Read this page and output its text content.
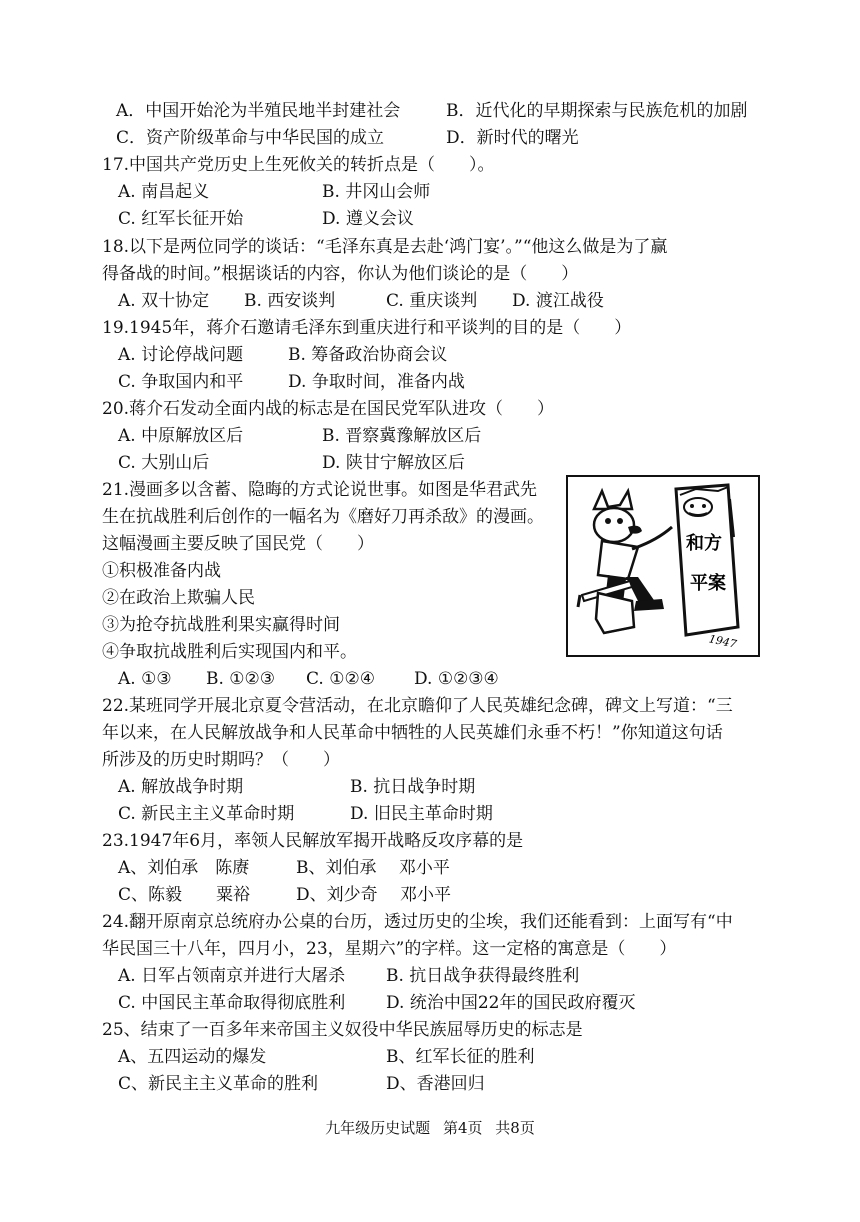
A．中国开始沦为半殖民地半封建社会	B．近代化的早期探索与民族危机的加剧
C．资产阶级革命与中华民国的成立	D．新时代的曙光
17.中国共产党历史上生死攸关的转折点是（　　）。
A. 南昌起义	B. 井冈山会师
C. 红军长征开始	D. 遵义会议
18.以下是两位同学的谈话：“毛泽东真是去赴‘鸿门宴’。”“他这么做是为了赢
得备战的时间。”根据谈话的内容，你认为他们谈论的是（　　）
A. 双十协定 B. 西安谈判	C. 重庆谈判 D. 渡江战役
19.1945年，蒋介石邀请毛泽东到重庆进行和平谈判的目的是（　　）
A. 讨论停战问题	B. 筹备政治协商会议
C. 争取国内和平	D. 争取时间，准备内战
20.蒋介石发动全面内战的标志是在国民党军队进攻（　　）
A. 中原解放区后	B. 晋察冀豫解放区后
C. 大别山后	D. 陕甘宁解放区后
21.漫画多以含蓄、隐晦的方式论说世事。如图是华君武先
生在抗战胜利后创作的一幅名为《磨好刀再杀敌》的漫画。
这幅漫画主要反映了国民党（　　）
①积极准备内战
②在政治上欺骗人民
③为抢夺抗战胜利果实赢得时间
④争取抗战胜利后实现国内和平。
A. ①③ B. ①②③ C. ①②④ D. ①②③④
和方
平案
1947
22.某班同学开展北京夏令营活动，在北京瞻仰了人民英雄纪念碑，碑文上写道：“三
年以来，在人民解放战争和人民革命中牺牲的人民英雄们永垂不朽！”你知道这句话
所涉及的历史时期吗？（　　）
A. 解放战争时期	B. 抗日战争时期
C. 新民主主义革命时期	D. 旧民主革命时期
23.1947年6月，率领人民解放军揭开战略反攻序幕的是
A、刘伯承　陈赓	B、刘伯承　 邓小平
C、陈毅　　粟裕	D、刘少奇　 邓小平
24.翻开原南京总统府办公桌的台历，透过历史的尘埃，我们还能看到：上面写有“中
华民国三十八年，四月小，23，星期六”的字样。这一定格的寓意是（　　）
A. 日军占领南京并进行大屠杀 B. 抗日战争获得最终胜利
C. 中国民主革命取得彻底胜利 D. 统治中国22年的国民政府覆灭
25、结束了一百多年来帝国主义奴役中华民族屈辱历史的标志是
A、五四运动的爆发	B、红军长征的胜利
C、新民主主义革命的胜利	D、香港回归
九年级历史试题 第4页 共8页
